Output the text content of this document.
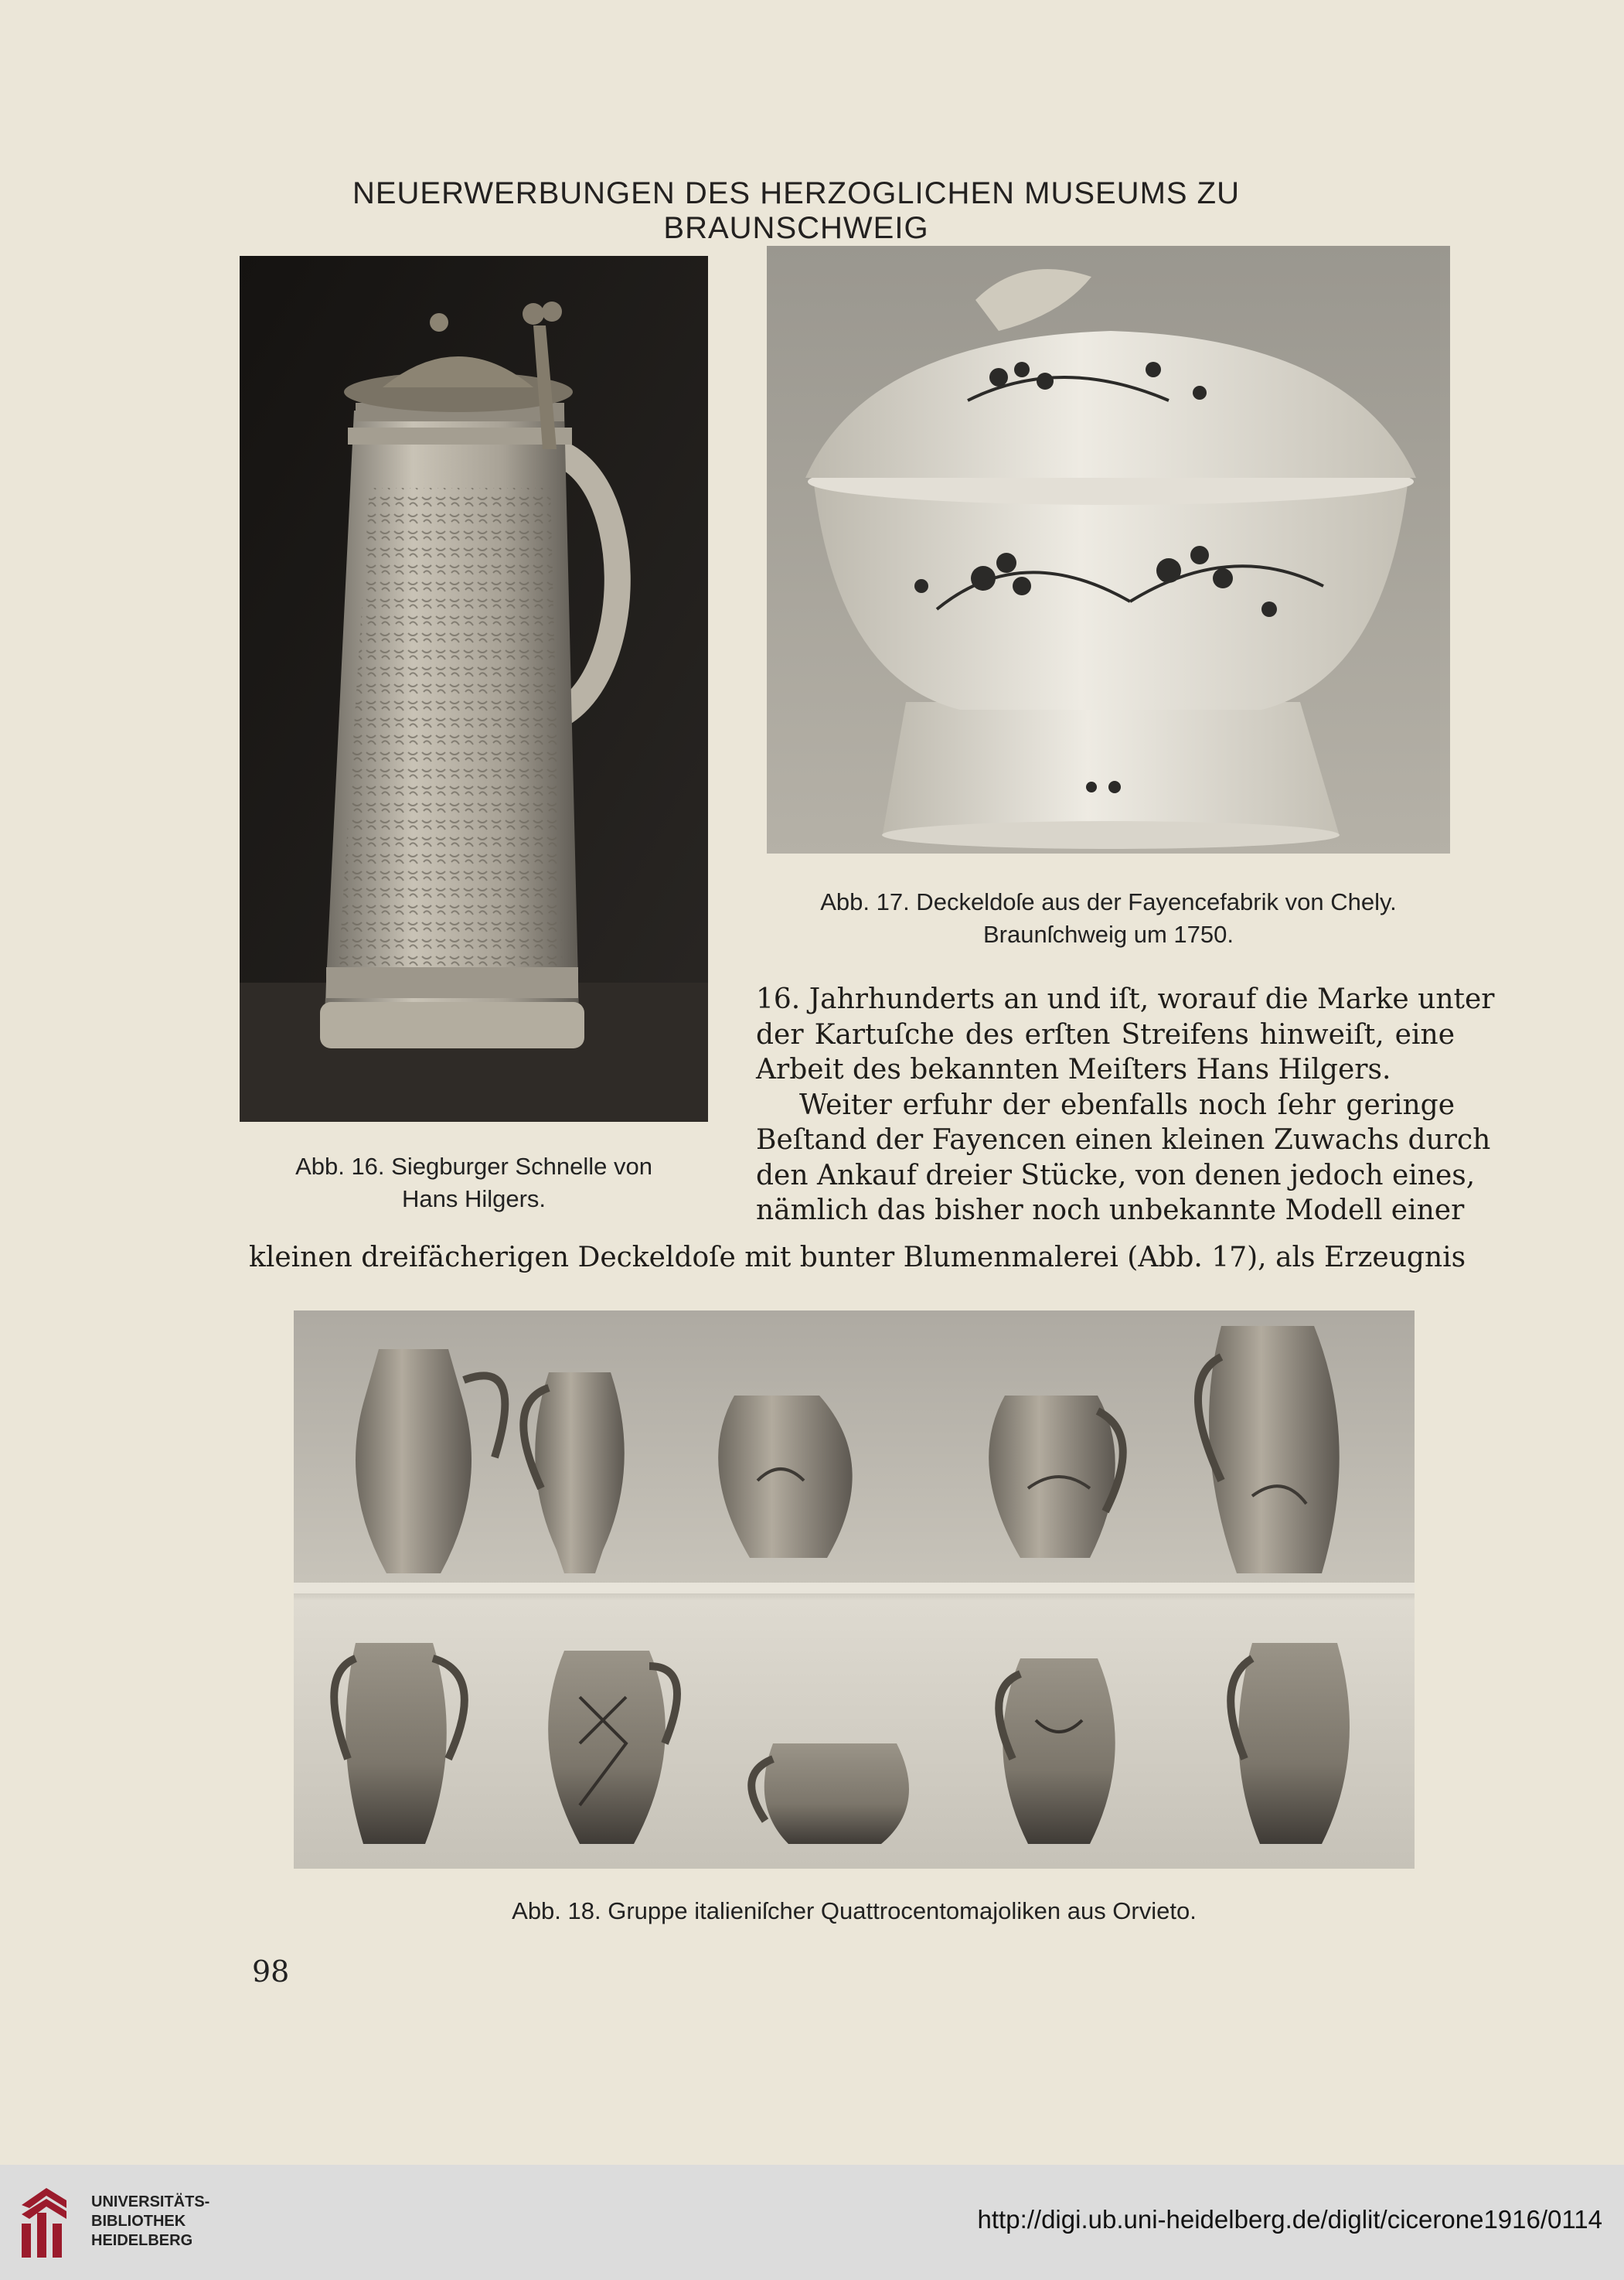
NEUERWERBUNGEN DES HERZOGLICHEN MUSEUMS ZU BRAUNSCHWEIG
Abb. 16. Siegburger Schnelle von
Hans Hilgers.
Abb. 17. Deckeldoſe aus der Fayencefabrik von Chely.
Braunſchweig um 1750.
16. Jahrhunderts an und iſt, worauf die Marke unter
der Kartuſche des erſten Streifens hinweiſt, eine
Arbeit des bekannten Meiſters Hans Hilgers.
Weiter erfuhr der ebenfalls noch ſehr geringe
Beſtand der Fayencen einen kleinen Zuwachs durch
den Ankauf dreier Stücke, von denen jedoch eines,
nämlich das bisher noch unbekannte Modell einer
kleinen dreifächerigen Deckeldoſe mit bunter Blumenmalerei (Abb. 17), als Erzeugnis
Abb. 18. Gruppe italieniſcher Quattrocentomajoliken aus Orvieto.
98
UNIVERSITÄTS-
BIBLIOTHEK
HEIDELBERG
http://digi.ub.uni-heidelberg.de/diglit/cicerone1916/0114
